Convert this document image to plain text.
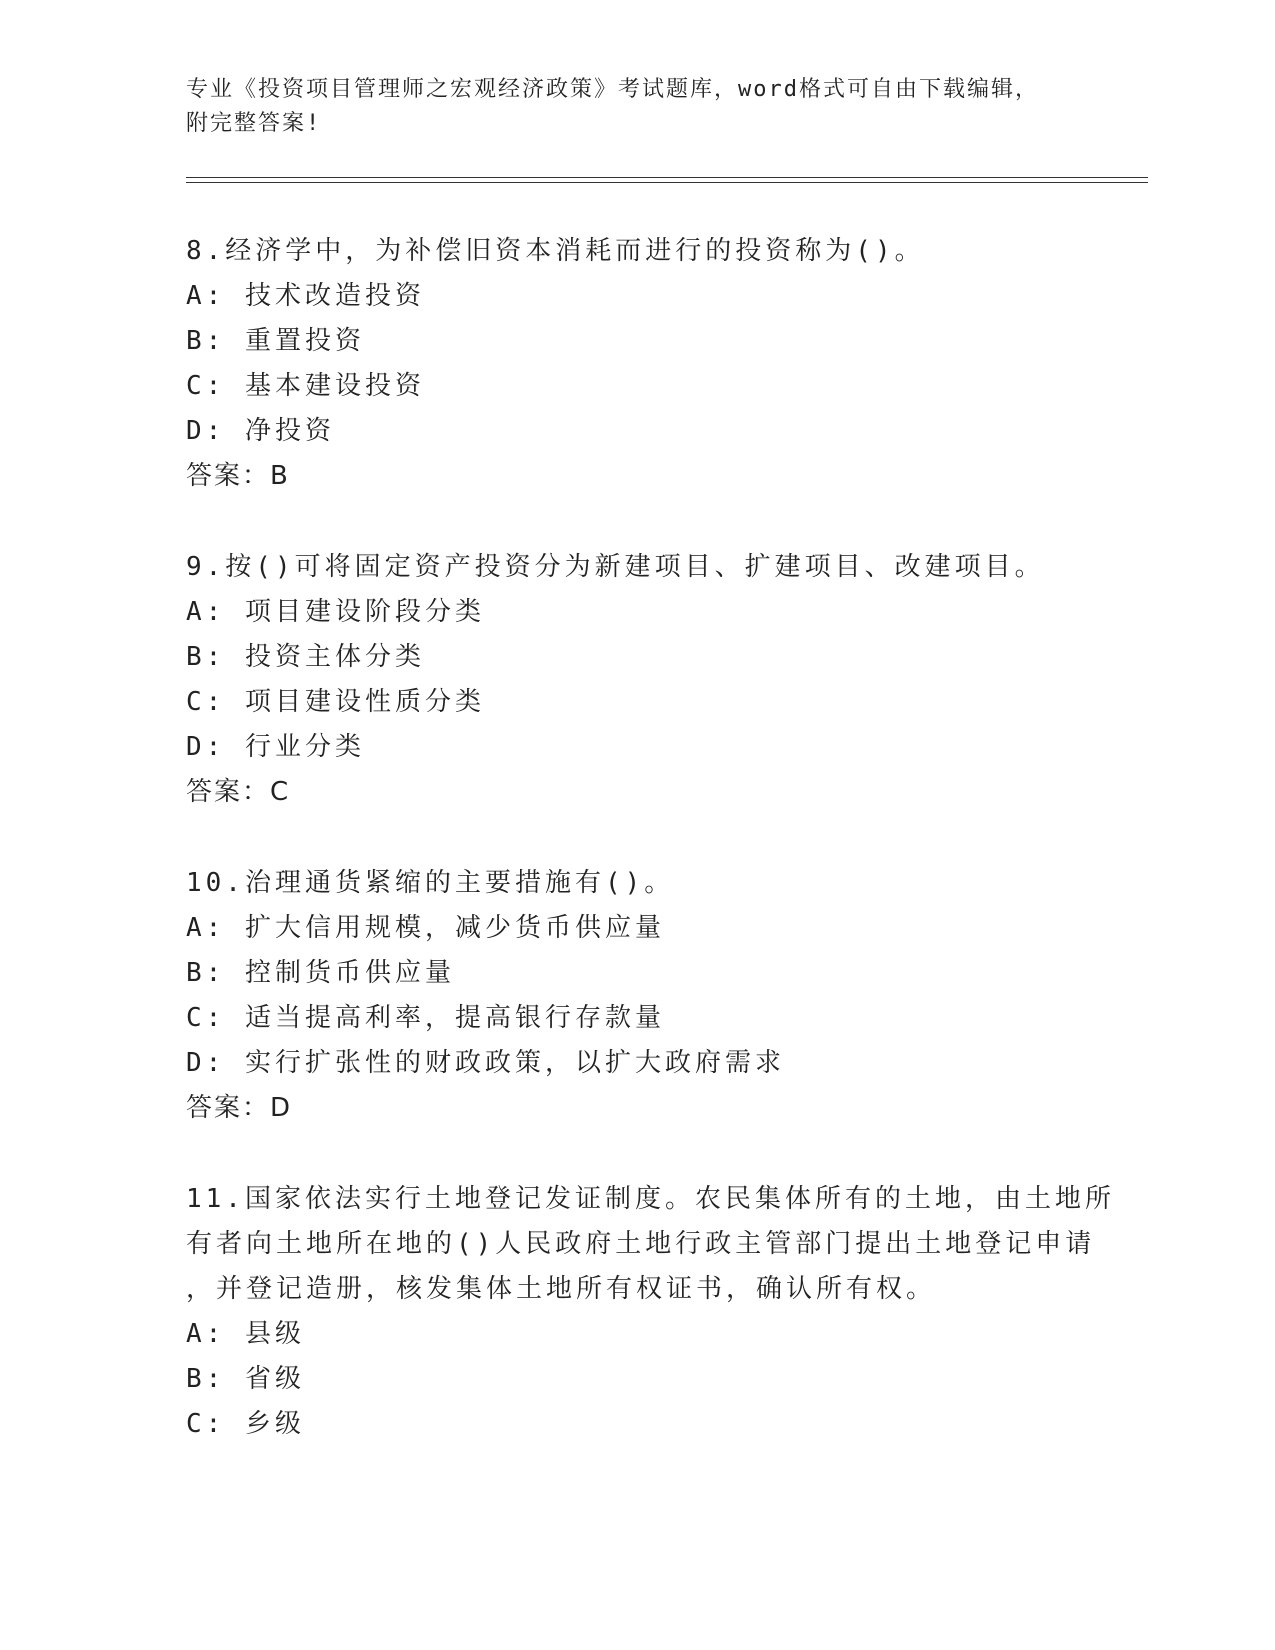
专业《投资项目管理师之宏观经济政策》考试题库，word格式可自由下载编辑，
附完整答案!
8.经济学中，为补偿旧资本消耗而进行的投资称为()。
A: 技术改造投资
B: 重置投资
C: 基本建设投资
D: 净投资
答案：B
9.按()可将固定资产投资分为新建项目、扩建项目、改建项目。
A: 项目建设阶段分类
B: 投资主体分类
C: 项目建设性质分类
D: 行业分类
答案：C
10.治理通货紧缩的主要措施有()。
A: 扩大信用规模，减少货币供应量
B: 控制货币供应量
C: 适当提高利率，提高银行存款量
D: 实行扩张性的财政政策，以扩大政府需求
答案：D
11.国家依法实行土地登记发证制度。农民集体所有的土地，由土地所
有者向土地所在地的()人民政府土地行政主管部门提出土地登记申请
，并登记造册，核发集体土地所有权证书，确认所有权。
A: 县级
B: 省级
C: 乡级
